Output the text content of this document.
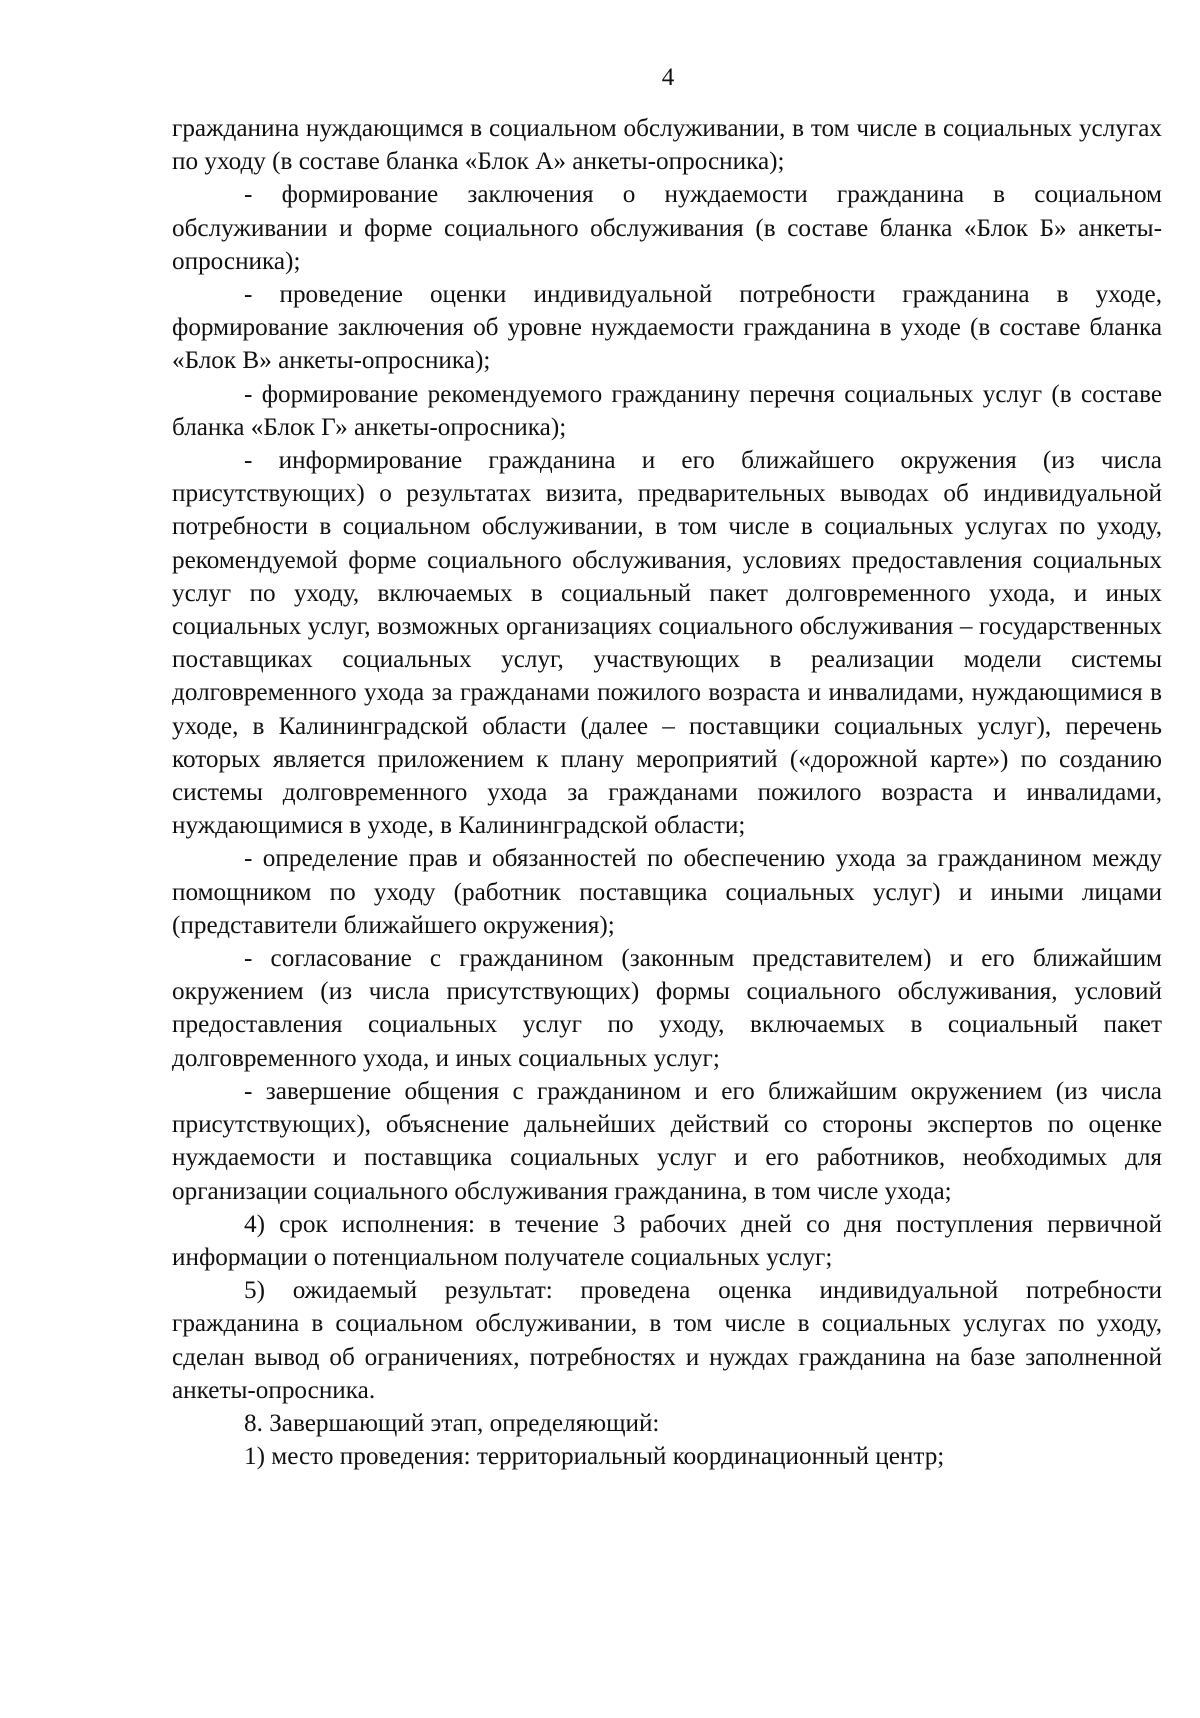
4

гражданина нуждающимся в социальном обслуживании, в том числе в социальных услугах по уходу (в составе бланка «Блок А» анкеты-опросника);

- формирование заключения о нуждаемости гражданина в социальном обслуживании и форме социального обслуживания (в составе бланка «Блок Б» анкеты-опросника);

- проведение оценки индивидуальной потребности гражданина в уходе, формирование заключения об уровне нуждаемости гражданина в уходе (в составе бланка «Блок В» анкеты-опросника);

- формирование рекомендуемого гражданину перечня социальных услуг (в составе бланка «Блок Г» анкеты-опросника);

- информирование гражданина и его ближайшего окружения (из числа присутствующих) о результатах визита, предварительных выводах об индивидуальной потребности в социальном обслуживании, в том числе в социальных услугах по уходу, рекомендуемой форме социального обслуживания, условиях предоставления социальных услуг по уходу, включаемых в социальный пакет долговременного ухода, и иных социальных услуг, возможных организациях социального обслуживания – государственных поставщиках социальных услуг, участвующих в реализации модели системы долговременного ухода за гражданами пожилого возраста и инвалидами, нуждающимися в уходе, в Калининградской области (далее – поставщики социальных услуг), перечень которых является приложением к плану мероприятий («дорожной карте») по созданию системы долговременного ухода за гражданами пожилого возраста и инвалидами, нуждающимися в уходе, в Калининградской области;

- определение прав и обязанностей по обеспечению ухода за гражданином между помощником по уходу (работник поставщика социальных услуг) и иными лицами (представители ближайшего окружения);

- согласование с гражданином (законным представителем) и его ближайшим окружением (из числа присутствующих) формы социального обслуживания, условий предоставления социальных услуг по уходу, включаемых в социальный пакет долговременного ухода, и иных социальных услуг;

- завершение общения с гражданином и его ближайшим окружением (из числа присутствующих), объяснение дальнейших действий со стороны экспертов по оценке нуждаемости и поставщика социальных услуг и его работников, необходимых для организации социального обслуживания гражданина, в том числе ухода;

4) срок исполнения: в течение 3 рабочих дней со дня поступления первичной информации о потенциальном получателе социальных услуг;

5) ожидаемый результат: проведена оценка индивидуальной потребности гражданина в социальном обслуживании, в том числе в социальных услугах по уходу, сделан вывод об ограничениях, потребностях и нуждах гражданина на базе заполненной анкеты-опросника.

8. Завершающий этап, определяющий:

1) место проведения: территориальный координационный центр;
